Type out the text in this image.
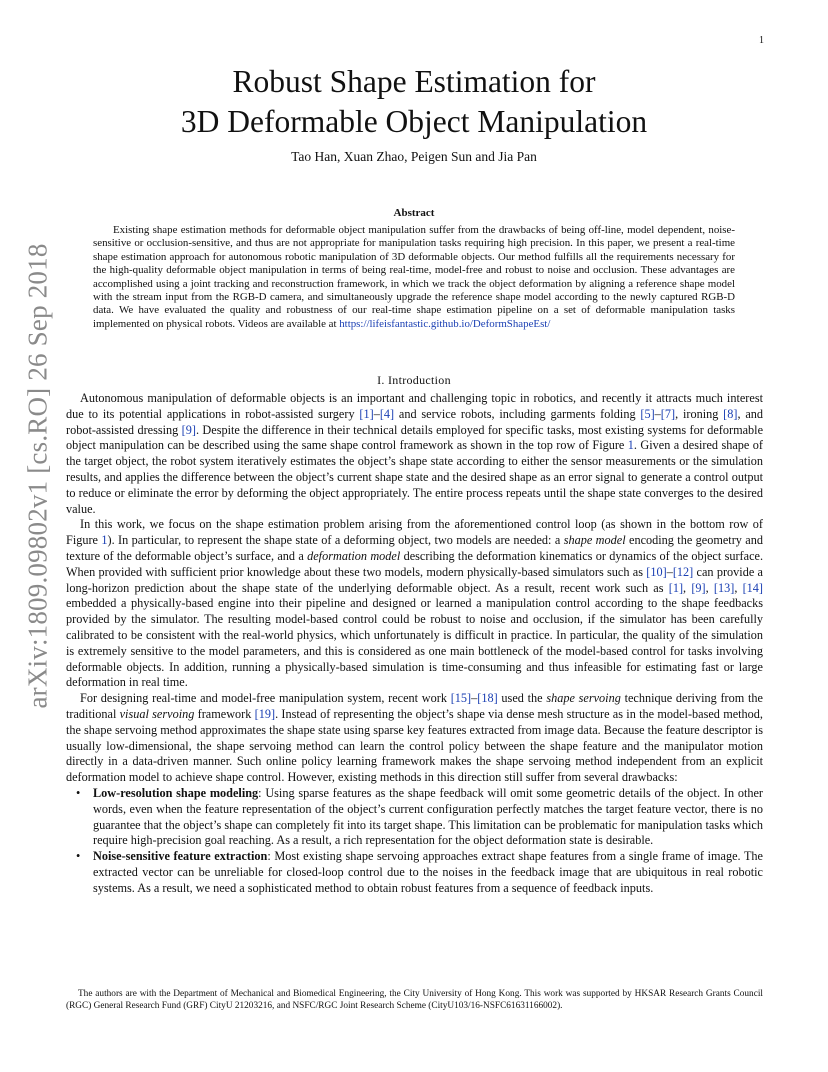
1
arXiv:1809.09802v1 [cs.RO] 26 Sep 2018
Robust Shape Estimation for
3D Deformable Object Manipulation
Tao Han, Xuan Zhao, Peigen Sun and Jia Pan
Abstract

Existing shape estimation methods for deformable object manipulation suffer from the drawbacks of being off-line, model dependent, noise-sensitive or occlusion-sensitive, and thus are not appropriate for manipulation tasks requiring high precision. In this paper, we present a real-time shape estimation approach for autonomous robotic manipulation of 3D deformable objects. Our method fulfills all the requirements necessary for the high-quality deformable object manipulation in terms of being real-time, model-free and robust to noise and occlusion. These advantages are accomplished using a joint tracking and reconstruction framework, in which we track the object deformation by aligning a reference shape model with the stream input from the RGB-D camera, and simultaneously upgrade the reference shape model according to the newly captured RGB-D data. We have evaluated the quality and robustness of our real-time shape estimation pipeline on a set of deformable manipulation tasks implemented on physical robots. Videos are available at https://lifeisfantastic.github.io/DeformShapeEst/

I. Introduction

Autonomous manipulation of deformable objects is an important and challenging topic in robotics, and recently it attracts much interest due to its potential applications in robot-assisted surgery [1]–[4] and service robots, including garments folding [5]–[7], ironing [8], and robot-assisted dressing [9]. Despite the difference in their technical details employed for specific tasks, most existing systems for deformable object manipulation can be described using the same shape control framework as shown in the top row of Figure 1. Given a desired shape of the target object, the robot system iteratively estimates the object’s shape state according to either the sensor measurements or the simulation results, and applies the difference between the object’s current shape state and the desired shape as an error signal to generate a control output to reduce or eliminate the error by deforming the object appropriately. The entire process repeats until the shape state converges to the desired value.

In this work, we focus on the shape estimation problem arising from the aforementioned control loop (as shown in the bottom row of Figure 1). In particular, to represent the shape state of a deforming object, two models are needed: a shape model encoding the geometry and texture of the deformable object’s surface, and a deformation model describing the deformation kinematics or dynamics of the object surface. When provided with sufficient prior knowledge about these two models, modern physically-based simulators such as [10]–[12] can provide a long-horizon prediction about the shape state of the underlying deformable object. As a result, recent work such as [1], [9], [13], [14] embedded a physically-based engine into their pipeline and designed or learned a manipulation control according to the shape feedbacks provided by the simulator. The resulting model-based control could be robust to noise and occlusion, if the simulator has been carefully calibrated to be consistent with the real-world physics, which unfortunately is difficult in practice. In particular, the quality of the simulation is extremely sensitive to the model parameters, and this is considered as one main bottleneck of the model-based control for tasks involving deformable objects. In addition, running a physically-based simulation is time-consuming and thus infeasible for estimating fast or large deformation in real time.

For designing real-time and model-free manipulation system, recent work [15]–[18] used the shape servoing technique deriving from the traditional visual servoing framework [19]. Instead of representing the object’s shape via dense mesh structure as in the model-based method, the shape servoing method approximates the shape state using sparse key features extracted from image data. Because the feature descriptor is usually low-dimensional, the shape servoing method can learn the control policy between the shape feature and the manipulator motion directly in a data-driven manner. Such online policy learning framework makes the shape servoing method independent from an explicit deformation model to achieve shape control. However, existing methods in this direction still suffer from several drawbacks:

• Low-resolution shape modeling: Using sparse features as the shape feedback will omit some geometric details of the object. In other words, even when the feature representation of the object’s current configuration perfectly matches the target feature vector, there is no guarantee that the object’s shape can completely fit into its target shape. This limitation can be problematic for manipulation tasks which require high-precision goal reaching. As a result, a rich representation for the object deformation state is desirable.
• Noise-sensitive feature extraction: Most existing shape servoing approaches extract shape features from a single frame of image. The extracted vector can be unreliable for closed-loop control due to the noises in the feedback image that are ubiquitous in real robotic systems. As a result, we need a sophisticated method to obtain robust features from a sequence of feedback inputs.

The authors are with the Department of Mechanical and Biomedical Engineering, the City University of Hong Kong. This work was supported by HKSAR Research Grants Council (RGC) General Research Fund (GRF) CityU 21203216, and NSFC/RGC Joint Research Scheme (CityU103/16-NSFC61631166002).
